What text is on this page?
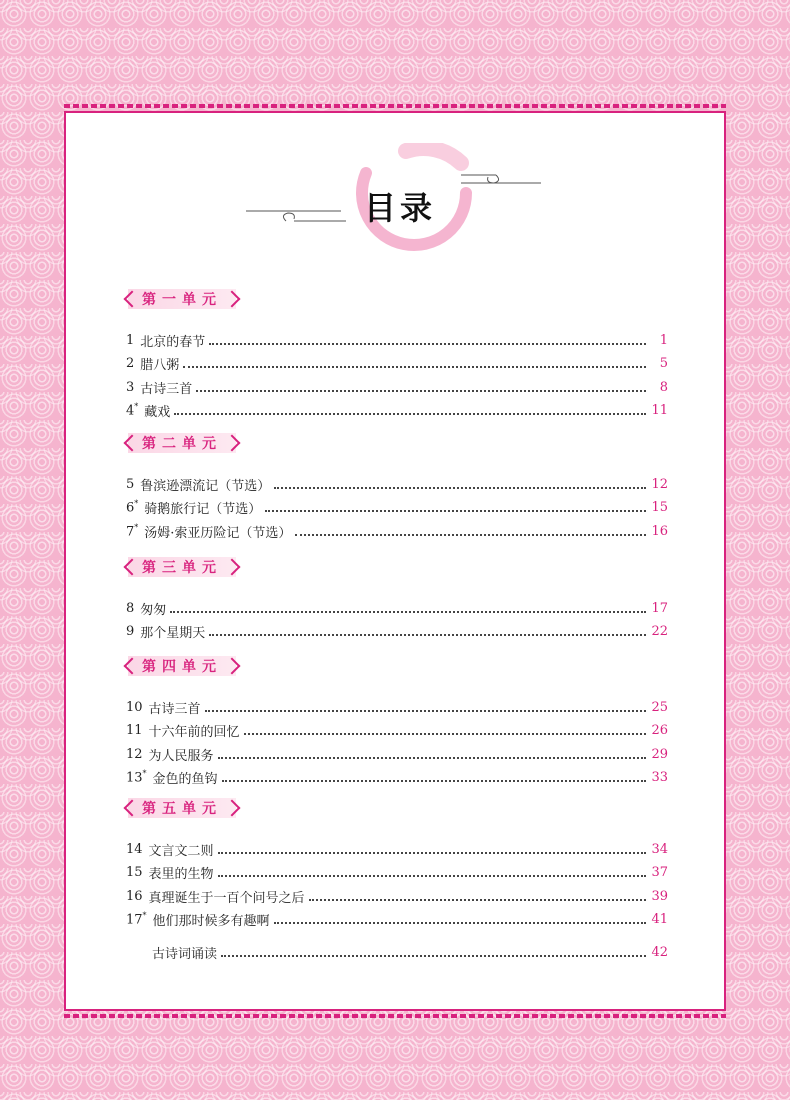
目录
第一单元
1 北京的春节	1
2 腊八粥	5
3 古诗三首	8
4* 藏戏	11
第二单元
5 鲁滨逊漂流记（节选）	12
6* 骑鹅旅行记（节选）	15
7* 汤姆·索亚历险记（节选）	16
第三单元
8 匆匆	17
9 那个星期天	22
第四单元
10 古诗三首	25
11 十六年前的回忆	26
12 为人民服务	29
13* 金色的鱼钩	33
第五单元
14 文言文二则	34
15 表里的生物	37
16 真理诞生于一百个问号之后	39
17* 他们那时候多有趣啊	41
古诗词诵读	42
